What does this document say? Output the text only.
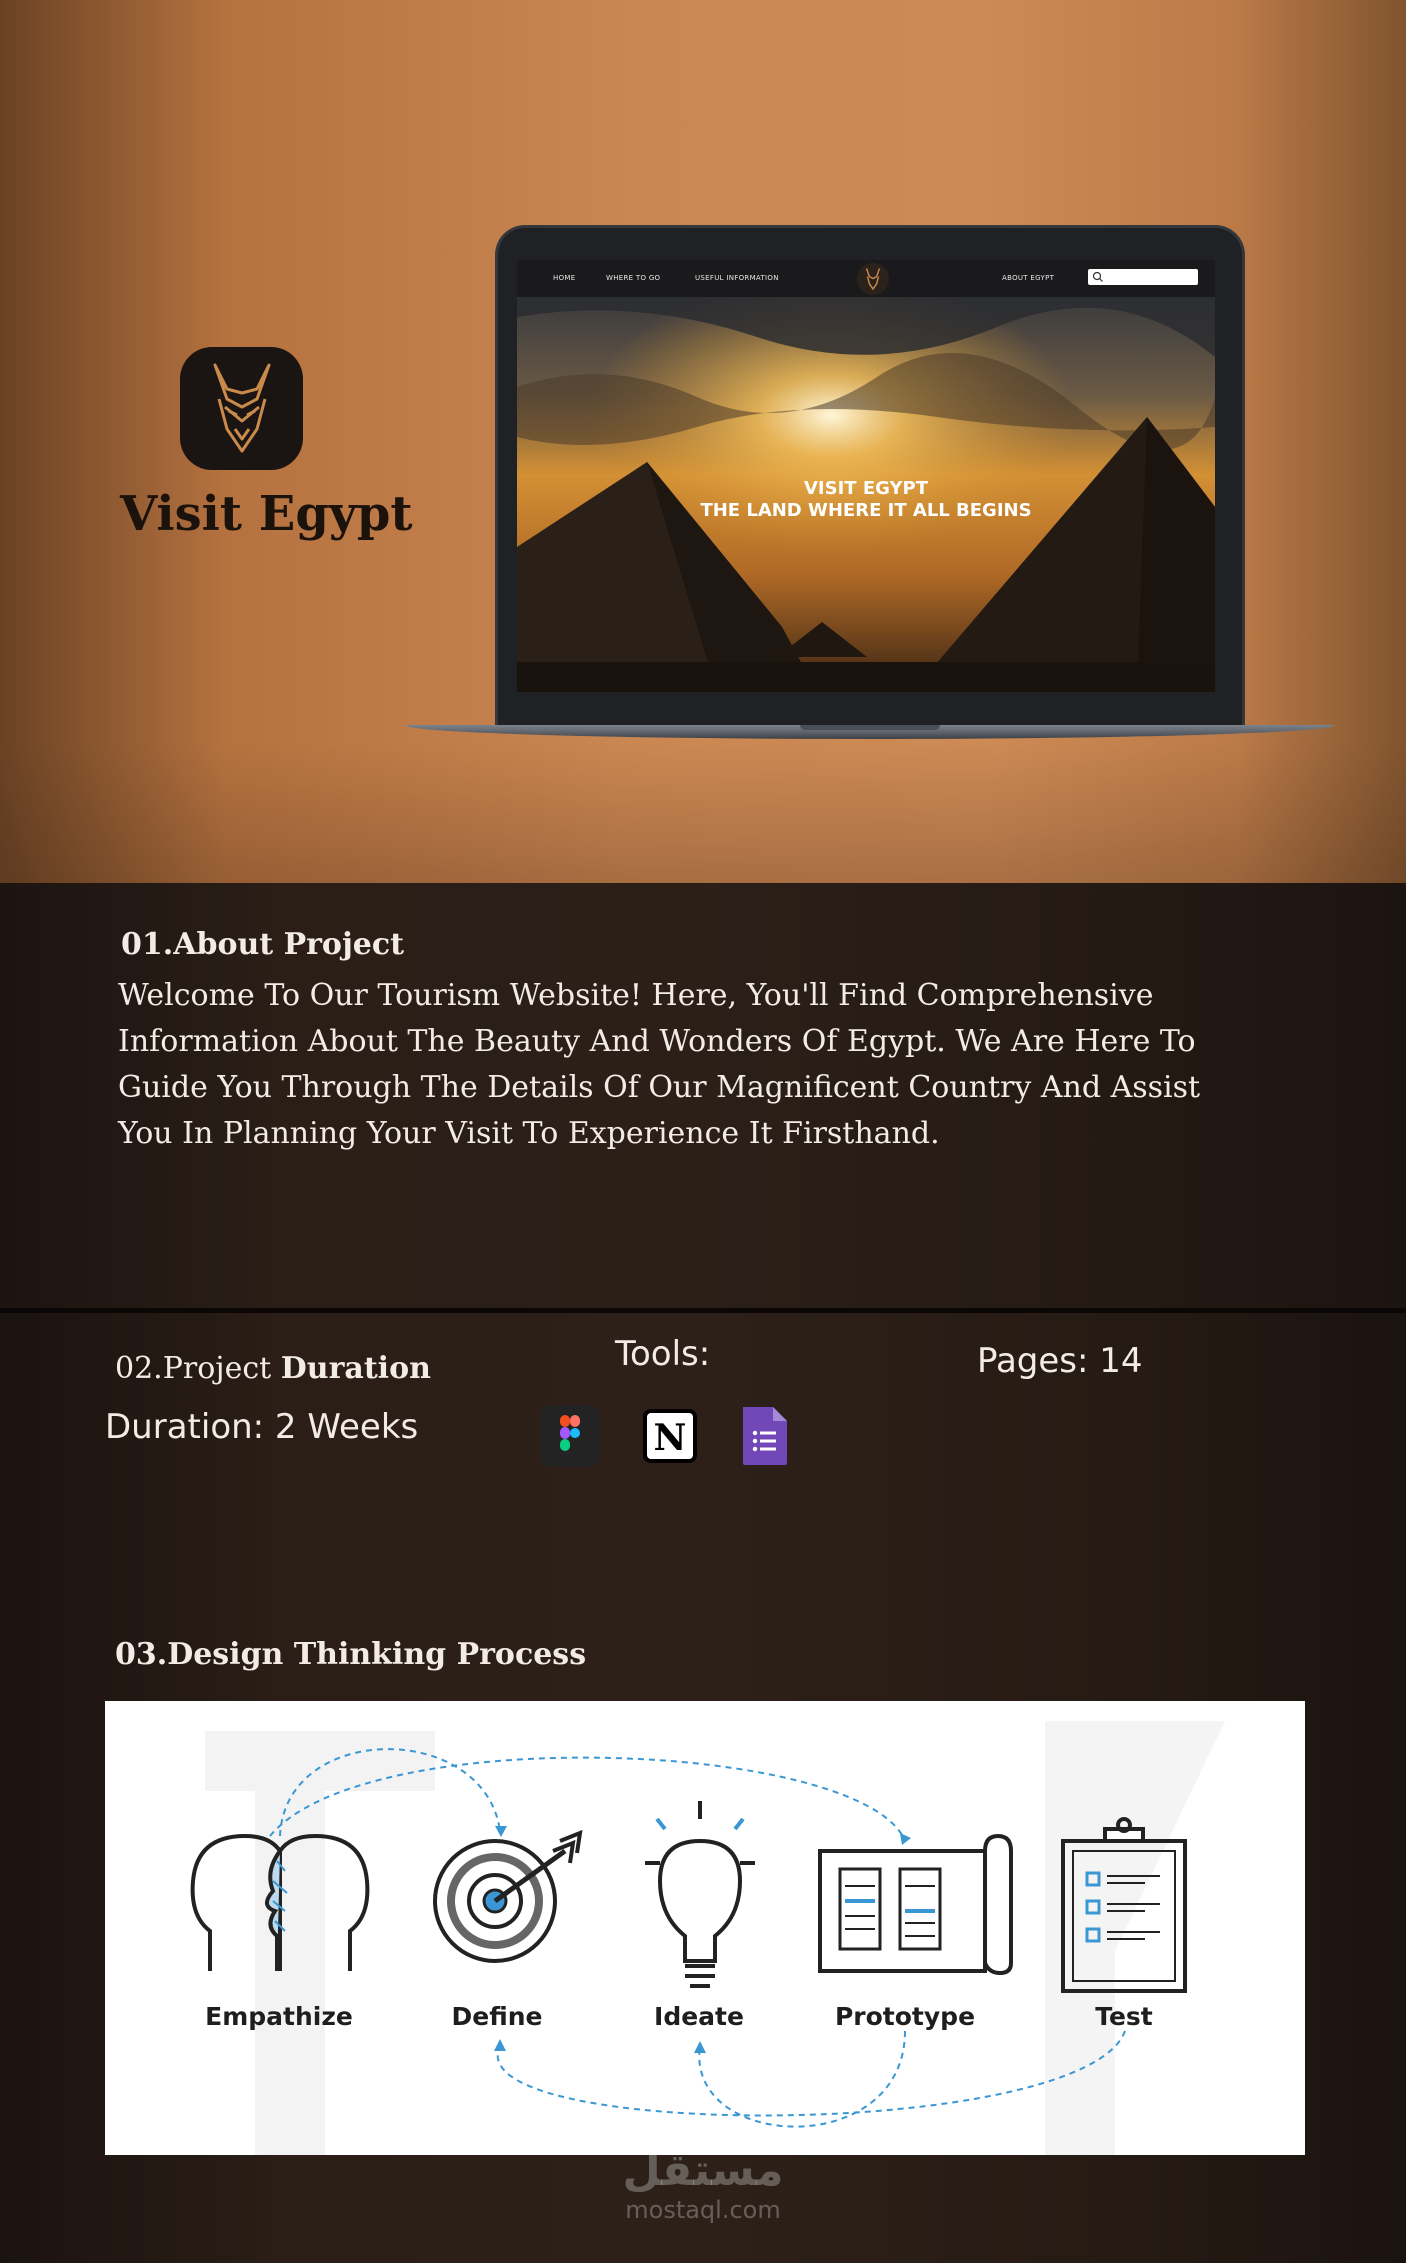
Visit Egypt
HOME	WHERE TO GO	USEFUL INFORMATION	ABOUT EGYPT
VISIT EGYPT
THE LAND WHERE IT ALL BEGINS
01.About Project
Welcome To Our Tourism Website! Here, You'll Find Comprehensive Information About The Beauty And Wonders Of Egypt. We Are Here To Guide You Through The Details Of Our Magnificent Country And Assist You In Planning Your Visit To Experience It Firsthand.
02.Project Duration
Duration: 2 Weeks
Tools:
N
Pages: 14
03.Design Thinking Process
Empathize	Define	Ideate	Prototype	Test
مستقل
mostaql.com
